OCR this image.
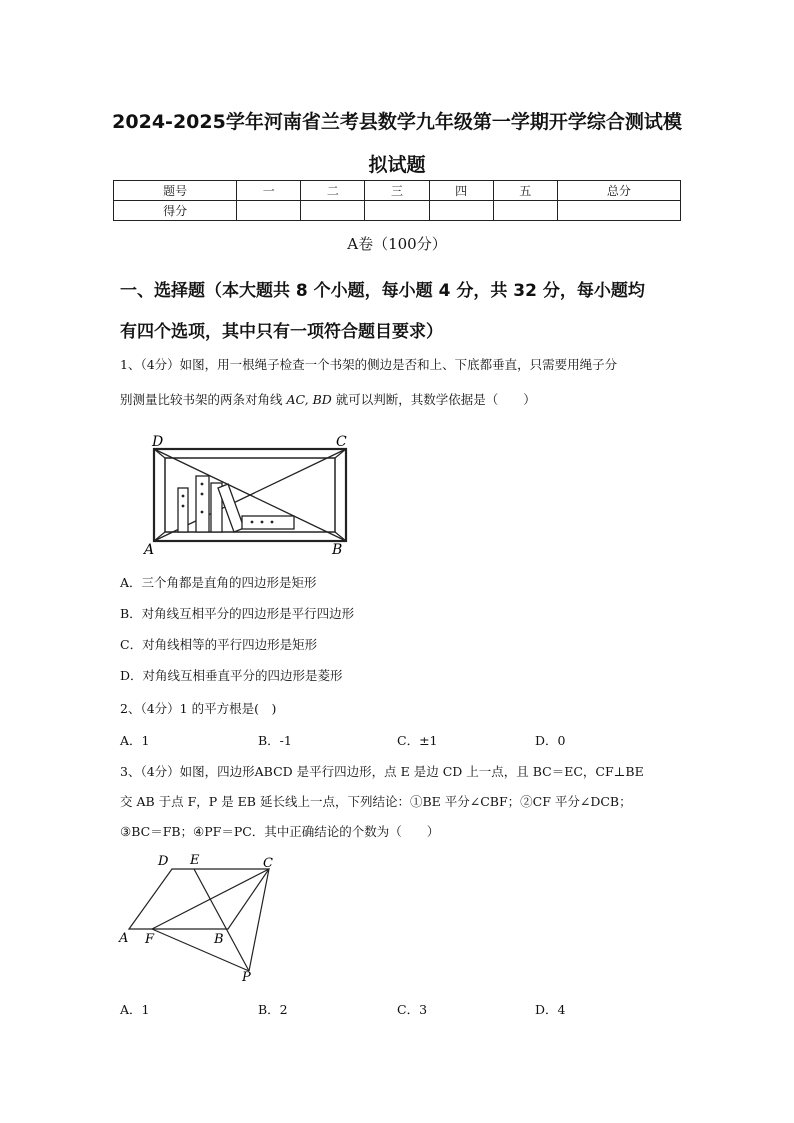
2024-2025学年河南省兰考县数学九年级第一学期开学综合测试模
拟试题
题号	一	二	三	四	五	总分
得分						
A卷（100分）
一、选择题（本大题共 8 个小题，每小题 4 分，共 32 分，每小题均
有四个选项，其中只有一项符合题目要求）
1、（4分）如图，用一根绳子检查一个书架的侧边是否和上、下底都垂直，只需要用绳子分
别测量比较书架的两条对角线 AC, BD 就可以判断，其数学依据是（　　）
D	C
A	B
A．三个角都是直角的四边形是矩形
B．对角线互相平分的四边形是平行四边形
C．对角线相等的平行四边形是矩形
D．对角线互相垂直平分的四边形是菱形
2、（4分）1 的平方根是(　)
A．1	B．-1	C．±1	D．0
3、（4分）如图，四边形ABCD 是平行四边形，点 E 是边 CD 上一点，且 BC＝EC，CF⊥BE
交 AB 于点 F，P 是 EB 延长线上一点，下列结论：①BE 平分∠CBF；②CF 平分∠DCB；
③BC＝FB；④PF＝PC．其中正确结论的个数为（　　）
D E	C
A F	B
P
A．1	B．2	C．3	D．4
